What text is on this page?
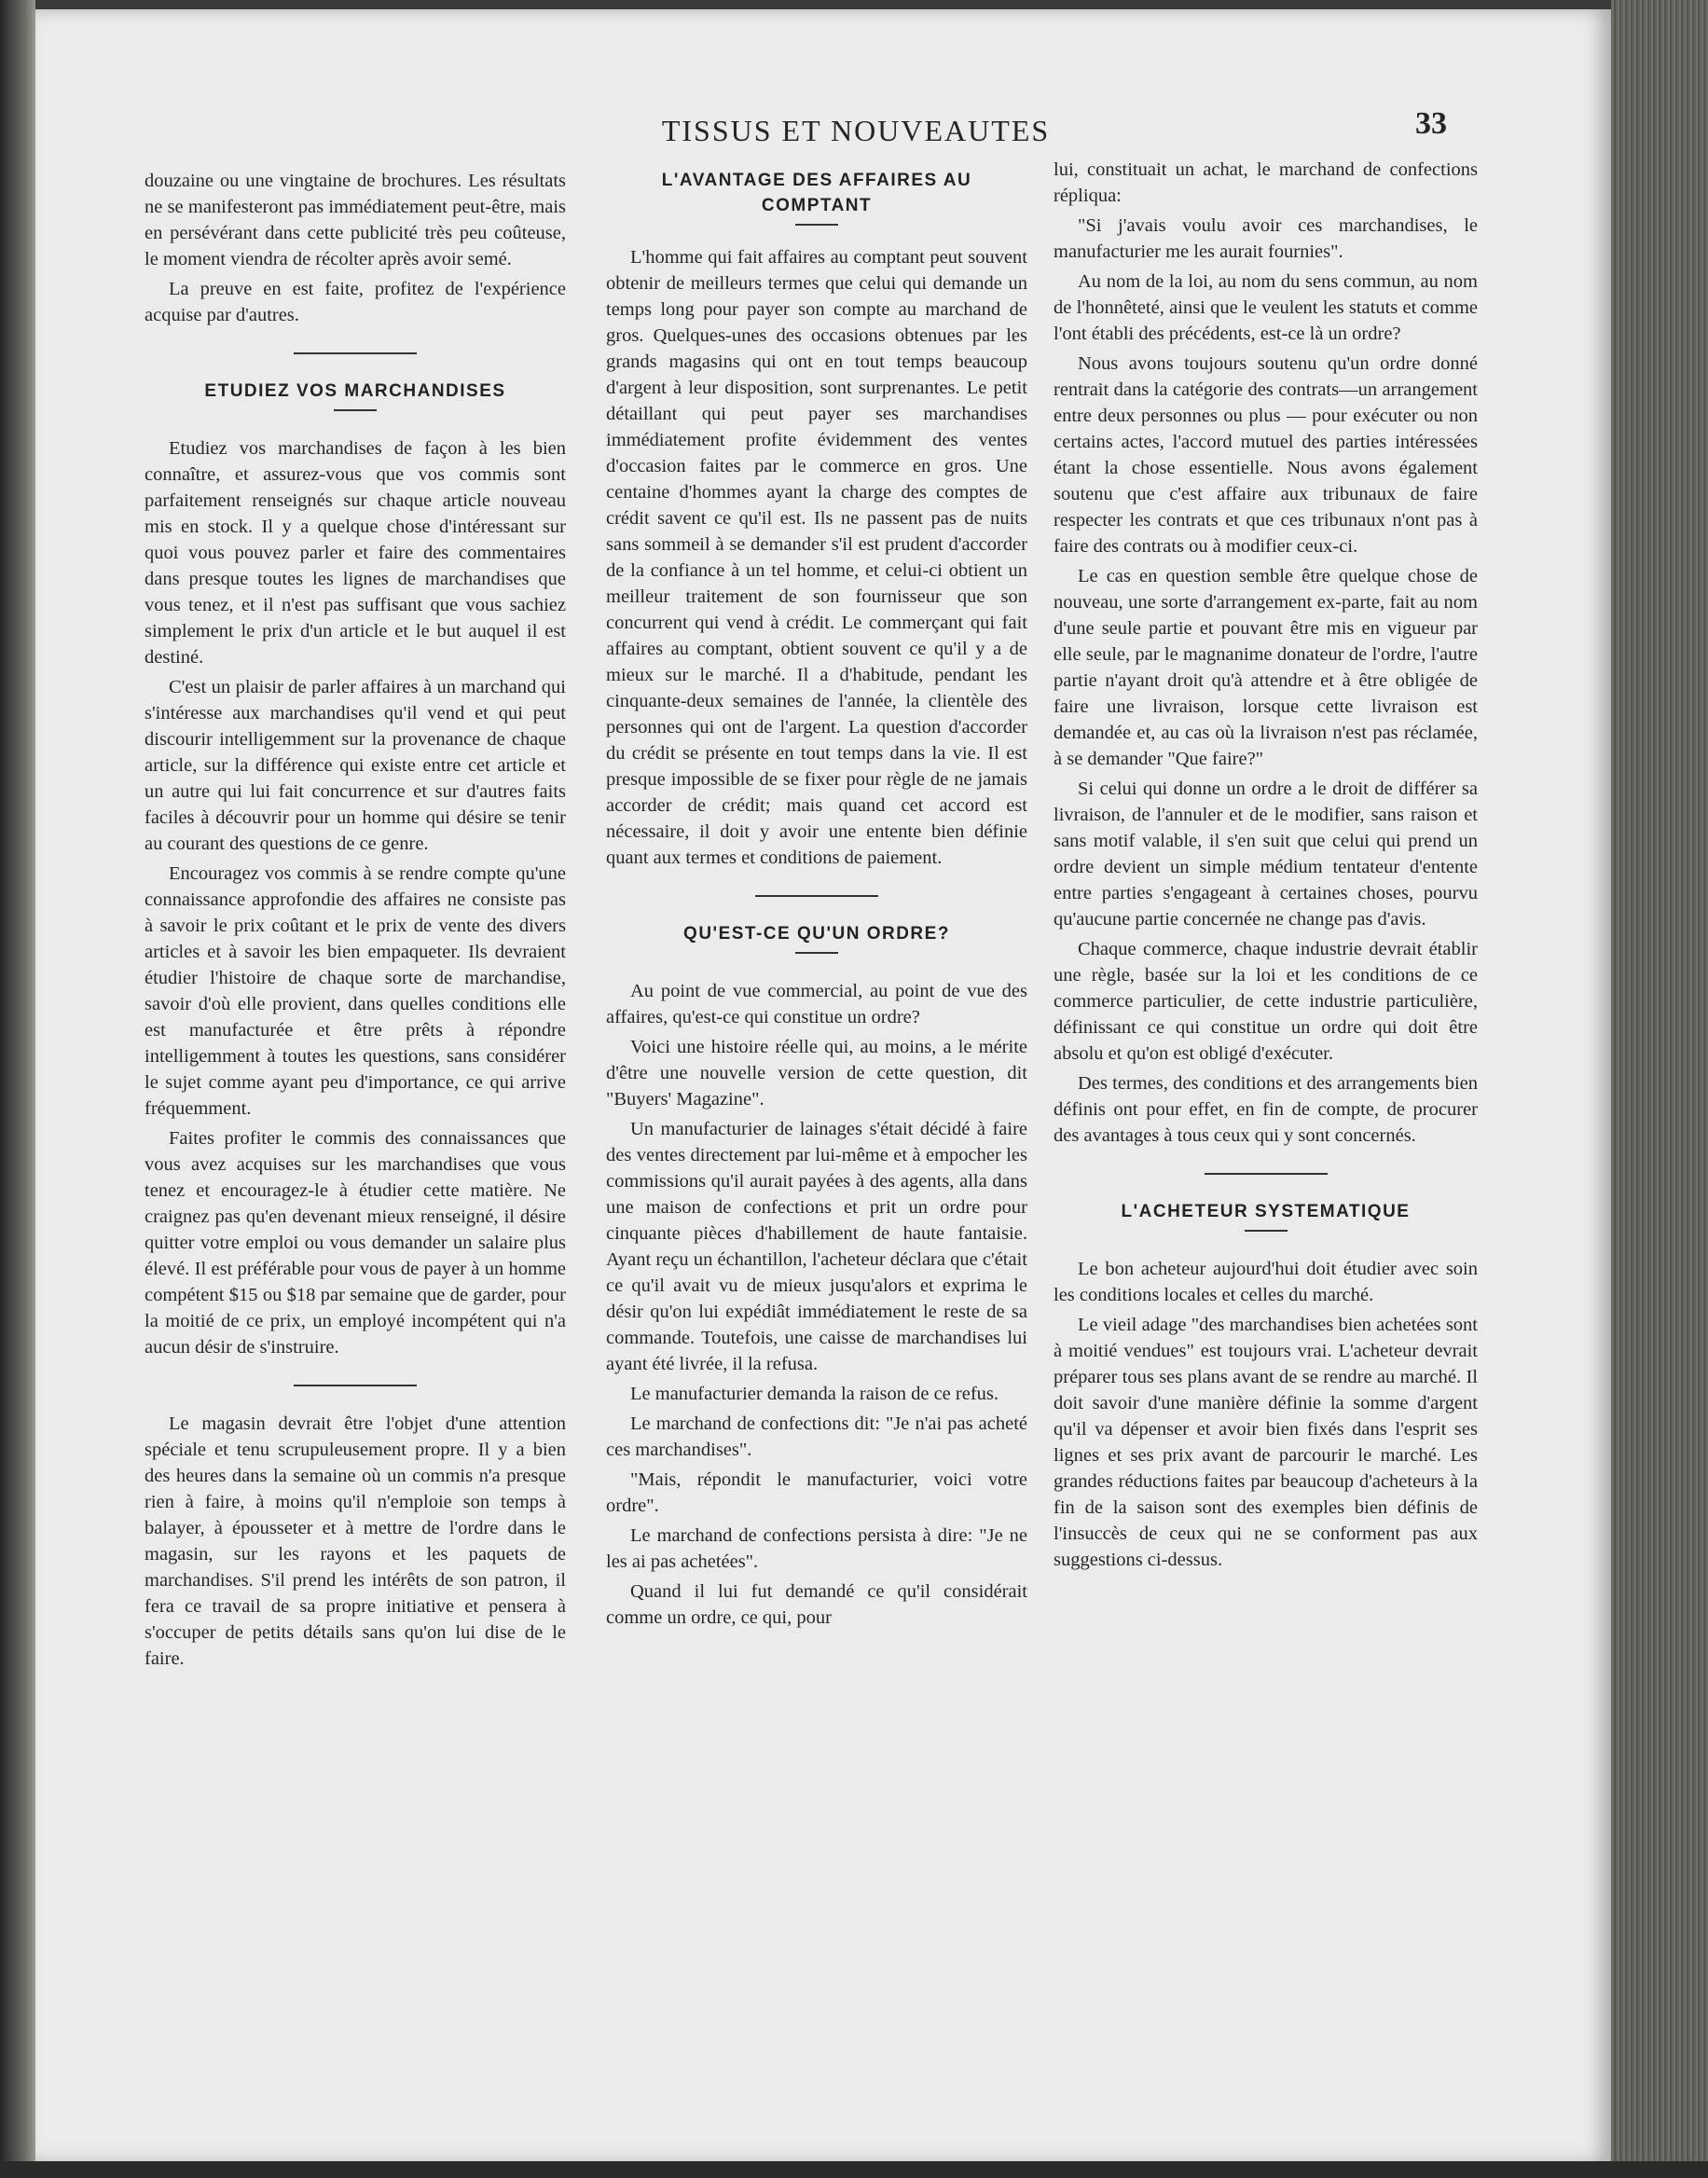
TISSUS ET NOUVEAUTES	33

douzaine ou une vingtaine de brochures. Les résultats ne se manifesteront pas immédiatement peut-être, mais en persévérant dans cette publicité très peu coûteuse, le moment viendra de récolter après avoir semé.

La preuve en est faite, profitez de l'expérience acquise par d'autres.

ETUDIEZ VOS MARCHANDISES

Etudiez vos marchandises de façon à les bien connaître, et assurez-vous que vos commis sont parfaitement renseignés sur chaque article nouveau mis en stock. Il y a quelque chose d'intéressant sur quoi vous pouvez parler et faire des commentaires dans presque toutes les lignes de marchandises que vous tenez, et il n'est pas suffisant que vous sachiez simplement le prix d'un article et le but auquel il est destiné.

C'est un plaisir de parler affaires à un marchand qui s'intéresse aux marchandises qu'il vend et qui peut discourir intelligemment sur la provenance de chaque article, sur la différence qui existe entre cet article et un autre qui lui fait concurrence et sur d'autres faits faciles à découvrir pour un homme qui désire se tenir au courant des questions de ce genre.

Encouragez vos commis à se rendre compte qu'une connaissance approfondie des affaires ne consiste pas à savoir le prix coûtant et le prix de vente des divers articles et à savoir les bien empaqueter. Ils devraient étudier l'histoire de chaque sorte de marchandise, savoir d'où elle provient, dans quelles conditions elle est manufacturée et être prêts à répondre intelligemment à toutes les questions, sans considérer le sujet comme ayant peu d'importance, ce qui arrive fréquemment.

Faites profiter le commis des connaissances que vous avez acquises sur les marchandises que vous tenez et encouragez-le à étudier cette matière. Ne craignez pas qu'en devenant mieux renseigné, il désire quitter votre emploi ou vous demander un salaire plus élevé. Il est préférable pour vous de payer à un homme compétent $15 ou $18 par semaine que de garder, pour la moitié de ce prix, un employé incompétent qui n'a aucun désir de s'instruire.

Le magasin devrait être l'objet d'une attention spéciale et tenu scrupuleusement propre. Il y a bien des heures dans la semaine où un commis n'a presque rien à faire, à moins qu'il n'emploie son temps à balayer, à épousseter et à mettre de l'ordre dans le magasin, sur les rayons et les paquets de marchandises. S'il prend les intérêts de son patron, il fera ce travail de sa propre initiative et pensera à s'occuper de petits détails sans qu'on lui dise de le faire.

L'AVANTAGE DES AFFAIRES AU COMPTANT

L'homme qui fait affaires au comptant peut souvent obtenir de meilleurs termes que celui qui demande un temps long pour payer son compte au marchand de gros. Quelques-unes des occasions obtenues par les grands magasins qui ont en tout temps beaucoup d'argent à leur disposition, sont surprenantes. Le petit détaillant qui peut payer ses marchandises immédiatement profite évidemment des ventes d'occasion faites par le commerce en gros. Une centaine d'hommes ayant la charge des comptes de crédit savent ce qu'il est. Ils ne passent pas de nuits sans sommeil à se demander s'il est prudent d'accorder de la confiance à un tel homme, et celui-ci obtient un meilleur traitement de son fournisseur que son concurrent qui vend à crédit. Le commerçant qui fait affaires au comptant, obtient souvent ce qu'il y a de mieux sur le marché. Il a d'habitude, pendant les cinquante-deux semaines de l'année, la clientèle des personnes qui ont de l'argent. La question d'accorder du crédit se présente en tout temps dans la vie. Il est presque impossible de se fixer pour règle de ne jamais accorder de crédit; mais quand cet accord est nécessaire, il doit y avoir une entente bien définie quant aux termes et conditions de paiement.

QU'EST-CE QU'UN ORDRE?

Au point de vue commercial, au point de vue des affaires, qu'est-ce qui constitue un ordre?

Voici une histoire réelle qui, au moins, a le mérite d'être une nouvelle version de cette question, dit "Buyers' Magazine".

Un manufacturier de lainages s'était décidé à faire des ventes directement par lui-même et à empocher les commissions qu'il aurait payées à des agents, alla dans une maison de confections et prit un ordre pour cinquante pièces d'habillement de haute fantaisie. Ayant reçu un échantillon, l'acheteur déclara que c'était ce qu'il avait vu de mieux jusqu'alors et exprima le désir qu'on lui expédiât immédiatement le reste de sa commande. Toutefois, une caisse de marchandises lui ayant été livrée, il la refusa.

Le manufacturier demanda la raison de ce refus.

Le marchand de confections dit: "Je n'ai pas acheté ces marchandises".

"Mais, répondit le manufacturier, voici votre ordre".

Le marchand de confections persista à dire: "Je ne les ai pas achetées".

Quand il lui fut demandé ce qu'il considérait comme un ordre, ce qui, pour

lui, constituait un achat, le marchand de confections répliqua:

"Si j'avais voulu avoir ces marchandises, le manufacturier me les aurait fournies".

Au nom de la loi, au nom du sens commun, au nom de l'honnêteté, ainsi que le veulent les statuts et comme l'ont établi des précédents, est-ce là un ordre?

Nous avons toujours soutenu qu'un ordre donné rentrait dans la catégorie des contrats—un arrangement entre deux personnes ou plus — pour exécuter ou non certains actes, l'accord mutuel des parties intéressées étant la chose essentielle. Nous avons également soutenu que c'est affaire aux tribunaux de faire respecter les contrats et que ces tribunaux n'ont pas à faire des contrats ou à modifier ceux-ci.

Le cas en question semble être quelque chose de nouveau, une sorte d'arrangement ex-parte, fait au nom d'une seule partie et pouvant être mis en vigueur par elle seule, par le magnanime donateur de l'ordre, l'autre partie n'ayant droit qu'à attendre et à être obligée de faire une livraison, lorsque cette livraison est demandée et, au cas où la livraison n'est pas réclamée, à se demander "Que faire?"

Si celui qui donne un ordre a le droit de différer sa livraison, de l'annuler et de le modifier, sans raison et sans motif valable, il s'en suit que celui qui prend un ordre devient un simple médium tentateur d'entente entre parties s'engageant à certaines choses, pourvu qu'aucune partie concernée ne change pas d'avis.

Chaque commerce, chaque industrie devrait établir une règle, basée sur la loi et les conditions de ce commerce particulier, de cette industrie particulière, définissant ce qui constitue un ordre qui doit être absolu et qu'on est obligé d'exécuter.

Des termes, des conditions et des arrangements bien définis ont pour effet, en fin de compte, de procurer des avantages à tous ceux qui y sont concernés.

L'ACHETEUR SYSTEMATIQUE

Le bon acheteur aujourd'hui doit étudier avec soin les conditions locales et celles du marché.

Le vieil adage "des marchandises bien achetées sont à moitié vendues" est toujours vrai. L'acheteur devrait préparer tous ses plans avant de se rendre au marché. Il doit savoir d'une manière définie la somme d'argent qu'il va dépenser et avoir bien fixés dans l'esprit ses lignes et ses prix avant de parcourir le marché. Les grandes réductions faites par beaucoup d'acheteurs à la fin de la saison sont des exemples bien définis de l'insuccès de ceux qui ne se conforment pas aux suggestions ci-dessus.
